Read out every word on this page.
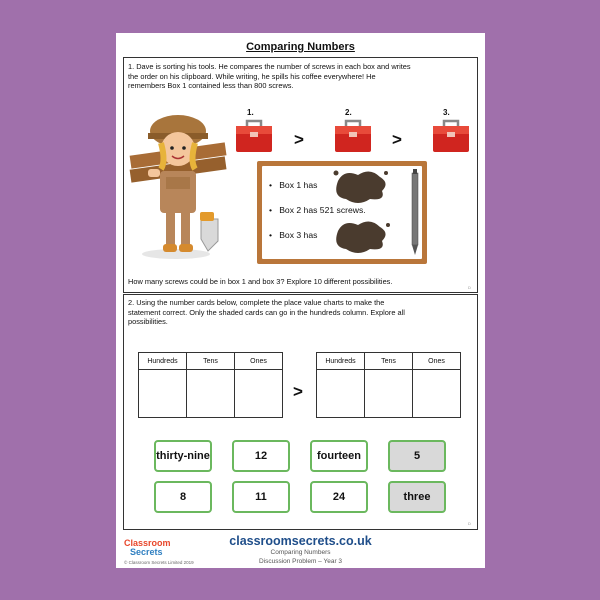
Comparing Numbers
1. Dave is sorting his tools. He compares the number of screws in each box and writes
the order on his clipboard. While writing, he spills his coffee everywhere! He
remembers Box 1 contained less than 800 screws.
1.	2.	3.
>	>
• Box 1 has
• Box 2 has 521 screws.
• Box 3 has
How many screws could be in box 1 and box 3? Explore 10 different possibilities.
D
2. Using the number cards below, complete the place value charts to make the
statement correct. Only the shaded cards can go in the hundreds column. Explore all
possibilities.
Hundreds	Tens	Ones

>
Hundreds	Tens	Ones

thirty-nine	12	fourteen	5
8	11	24	three
D
Classroom
Secrets
© Classroom Secrets Limited 2019
classroomsecrets.co.uk
Comparing Numbers
Discussion Problem – Year 3
